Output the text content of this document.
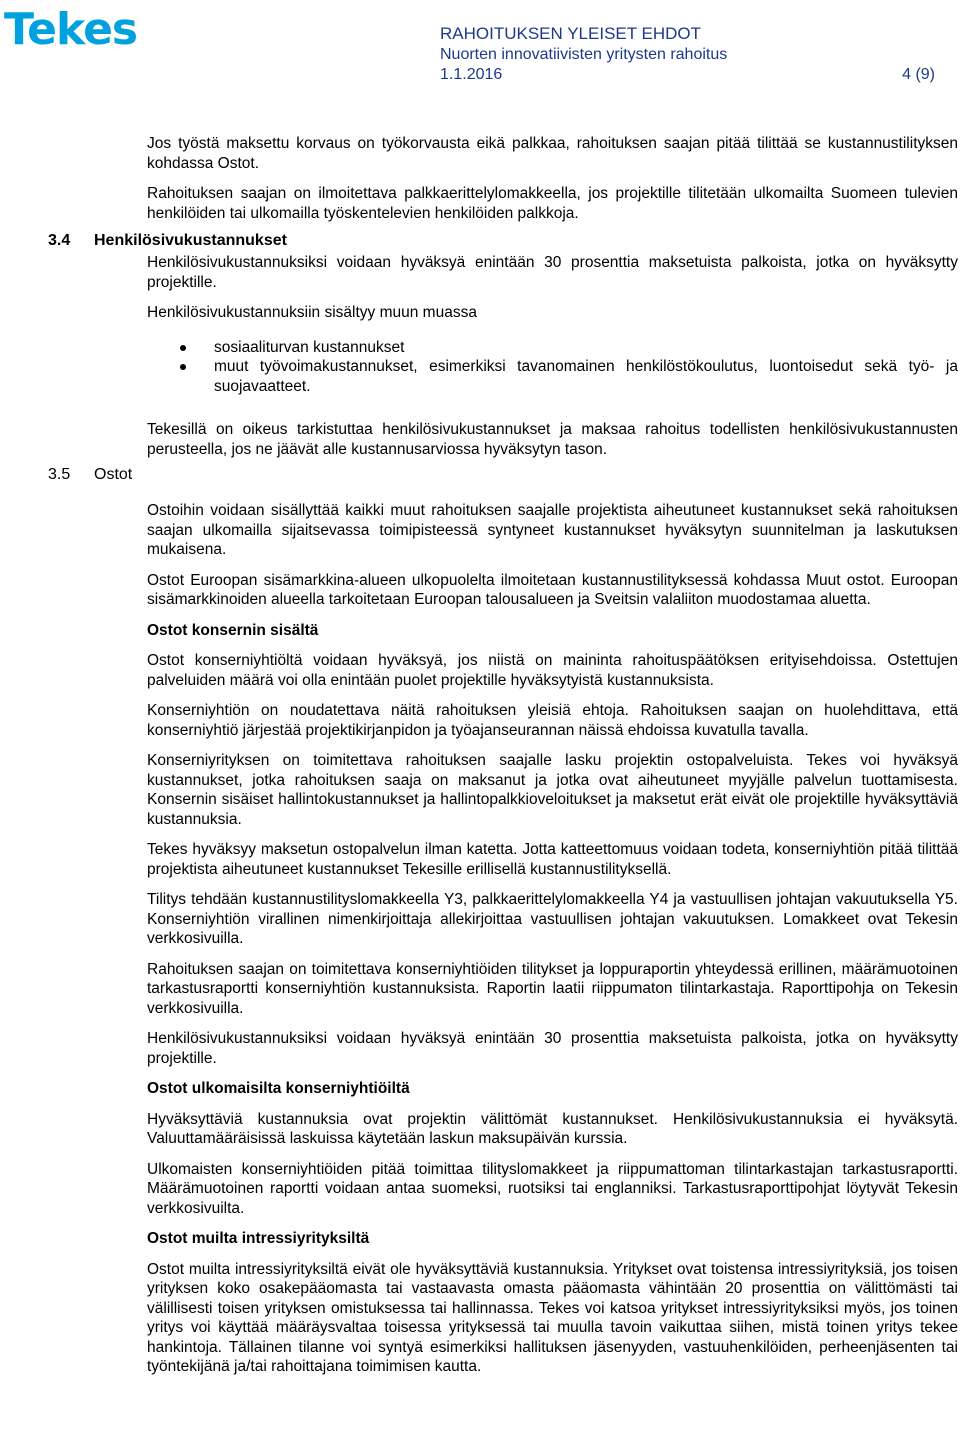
Tekes	RAHOITUKSEN YLEISET EHDOT
Nuorten innovatiivisten yritysten rahoitus
1.1.2016	4 (9)
3.4 Henkilösivukustannukset
3.5 Ostot

Jos työstä maksettu korvaus on työkorvausta eikä palkkaa, rahoituksen saajan pitää tilittää se kustannustilityksen kohdassa Ostot.

Rahoituksen saajan on ilmoitettava palkkaerittelylomakkeella, jos projektille tilitetään ulkomailta Suomeen tulevien henkilöiden tai ulkomailla työskentelevien henkilöiden palkkoja.

Henkilösivukustannuksiksi voidaan hyväksyä enintään 30 prosenttia maksetuista palkoista, jotka on hyväksytty projektille.

Henkilösivukustannuksiin sisältyy muun muassa

sosiaaliturvan kustannukset
muut työvoimakustannukset, esimerkiksi tavanomainen henkilöstökoulutus, luontoisedut sekä työ- ja suojavaatteet.

Tekesillä on oikeus tarkistuttaa henkilösivukustannukset ja maksaa rahoitus todellisten henkilösivukustannusten perusteella, jos ne jäävät alle kustannusarviossa hyväksytyn tason.

Ostoihin voidaan sisällyttää kaikki muut rahoituksen saajalle projektista aiheutuneet kustannukset sekä rahoituksen saajan ulkomailla sijaitsevassa toimipisteessä syntyneet kustannukset hyväksytyn suunnitelman ja laskutuksen mukaisena.

Ostot Euroopan sisämarkkina-alueen ulkopuolelta ilmoitetaan kustannustilityksessä kohdassa Muut ostot. Euroopan sisämarkkinoiden alueella tarkoitetaan Euroopan talousalueen ja Sveitsin valaliiton muodostamaa aluetta.

Ostot konsernin sisältä

Ostot konserniyhtiöltä voidaan hyväksyä, jos niistä on maininta rahoituspäätöksen erityisehdoissa. Ostettujen palveluiden määrä voi olla enintään puolet projektille hyväksytyistä kustannuksista.

Konserniyhtiön on noudatettava näitä rahoituksen yleisiä ehtoja. Rahoituksen saajan on huolehdittava, että konserniyhtiö järjestää projektikirjanpidon ja työajanseurannan näissä ehdoissa kuvatulla tavalla.

Konserniyrityksen on toimitettava rahoituksen saajalle lasku projektin ostopalveluista. Tekes voi hyväksyä kustannukset, jotka rahoituksen saaja on maksanut ja jotka ovat aiheutuneet myyjälle palvelun tuottamisesta. Konsernin sisäiset hallintokustannukset ja hallintopalkkioveloitukset ja maksetut erät eivät ole projektille hyväksyttäviä kustannuksia.

Tekes hyväksyy maksetun ostopalvelun ilman katetta. Jotta katteettomuus voidaan todeta, konserniyhtiön pitää tilittää projektista aiheutuneet kustannukset Tekesille erillisellä kustannustilityksellä.

Tilitys tehdään kustannustilityslomakkeella Y3, palkkaerittelylomakkeella Y4 ja vastuullisen johtajan vakuutuksella Y5. Konserniyhtiön virallinen nimenkirjoittaja allekirjoittaa vastuullisen johtajan vakuutuksen. Lomakkeet ovat Tekesin verkkosivuilla.

Rahoituksen saajan on toimitettava konserniyhtiöiden tilitykset ja loppuraportin yhteydessä erillinen, määrämuotoinen tarkastusraportti konserniyhtiön kustannuksista. Raportin laatii riippumaton tilintarkastaja. Raporttipohja on Tekesin verkkosivuilla.

Henkilösivukustannuksiksi voidaan hyväksyä enintään 30 prosenttia maksetuista palkoista, jotka on hyväksytty projektille.

Ostot ulkomaisilta konserniyhtiöiltä

Hyväksyttäviä kustannuksia ovat projektin välittömät kustannukset. Henkilösivukustannuksia ei hyväksytä. Valuuttamääräisissä laskuissa käytetään laskun maksupäivän kurssia.

Ulkomaisten konserniyhtiöiden pitää toimittaa tilityslomakkeet ja riippumattoman tilintarkastajan tarkastusraportti. Määrämuotoinen raportti voidaan antaa suomeksi, ruotsiksi tai englanniksi. Tarkastusraporttipohjat löytyvät Tekesin verkkosivuilta.

Ostot muilta intressiyrityksiltä

Ostot muilta intressiyrityksiltä eivät ole hyväksyttäviä kustannuksia. Yritykset ovat toistensa intressiyrityksiä, jos toisen yrityksen koko osakepääomasta tai vastaavasta omasta pääomasta vähintään 20 prosenttia on välittömästi tai välillisesti toisen yrityksen omistuksessa tai hallinnassa. Tekes voi katsoa yritykset intressiyrityksiksi myös, jos toinen yritys voi käyttää määräysvaltaa toisessa yrityksessä tai muulla tavoin vaikuttaa siihen, mistä toinen yritys tekee hankintoja. Tällainen tilanne voi syntyä esimerkiksi hallituksen jäsenyyden, vastuuhenkilöiden, perheenjäsenten tai työntekijänä ja/tai rahoittajana toimimisen kautta.
